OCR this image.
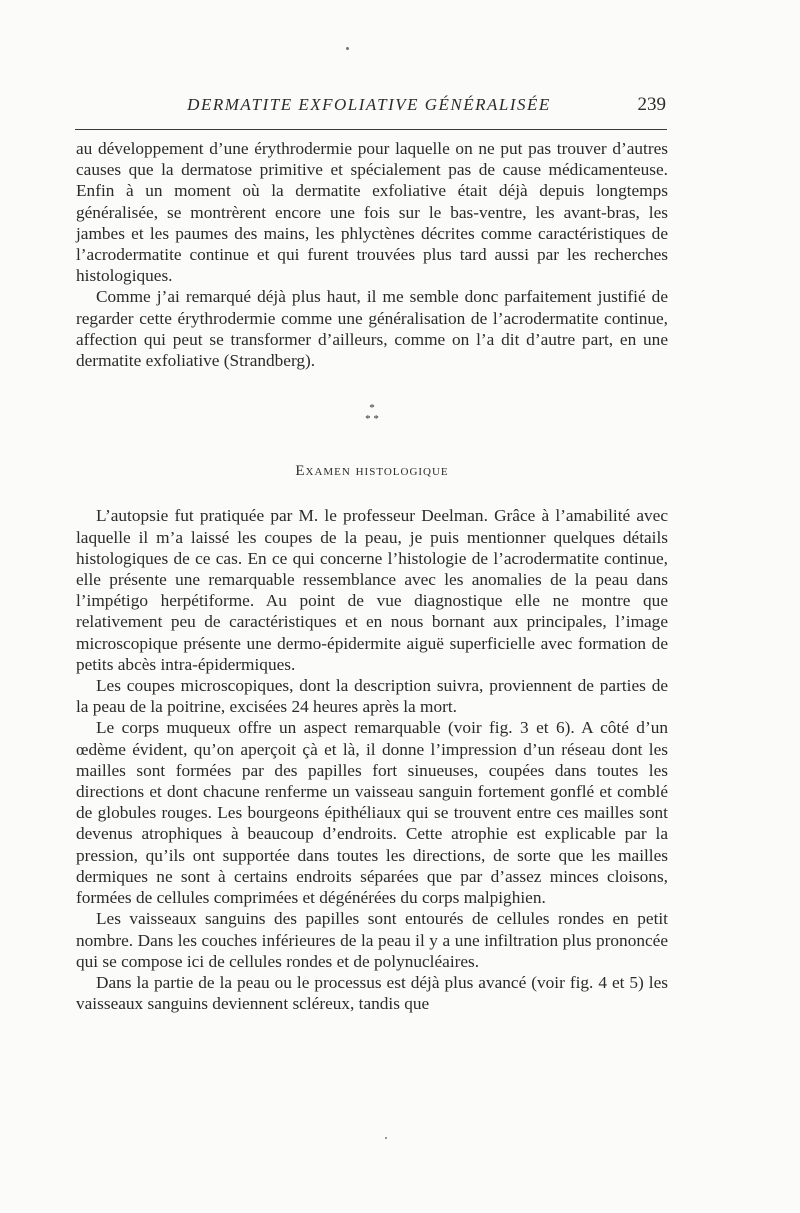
DERMATITE EXFOLIATIVE GÉNÉRALISÉE	239

au développement d’une érythrodermie pour laquelle on ne put pas trouver d’autres causes que la dermatose primitive et spécialement pas de cause médicamenteuse. Enfin à un moment où la dermatite exfoliative était déjà depuis longtemps généralisée, se montrèrent encore une fois sur le bas-ventre, les avant-bras, les jambes et les paumes des mains, les phlyctènes décrites comme caractéristiques de l’acrodermatite continue et qui furent trouvées plus tard aussi par les recherches histologiques.

Comme j’ai remarqué déjà plus haut, il me semble donc parfaitement justifié de regarder cette érythrodermie comme une généralisation de l’acrodermatite continue, affection qui peut se transformer d’ailleurs, comme on l’a dit d’autre part, en une dermatite exfoliative (Strandberg).

*
* *
Examen histologique

L’autopsie fut pratiquée par M. le professeur Deelman. Grâce à l’amabilité avec laquelle il m’a laissé les coupes de la peau, je puis mentionner quelques détails histologiques de ce cas. En ce qui concerne l’histologie de l’acrodermatite continue, elle présente une remarquable ressemblance avec les anomalies de la peau dans l’impétigo herpétiforme. Au point de vue diagnostique elle ne montre que relativement peu de caractéristiques et en nous bornant aux principales, l’image microscopique présente une dermo-épidermite aiguë superficielle avec formation de petits abcès intra-épidermiques.

Les coupes microscopiques, dont la description suivra, proviennent de parties de la peau de la poitrine, excisées 24 heures après la mort.

Le corps muqueux offre un aspect remarquable (voir fig. 3 et 6). A côté d’un œdème évident, qu’on aperçoit çà et là, il donne l’impression d’un réseau dont les mailles sont formées par des papilles fort sinueuses, coupées dans toutes les directions et dont chacune renferme un vaisseau sanguin fortement gonflé et comblé de globules rouges. Les bourgeons épithéliaux qui se trouvent entre ces mailles sont devenus atrophiques à beaucoup d’endroits. Cette atrophie est explicable par la pression, qu’ils ont supportée dans toutes les directions, de sorte que les mailles dermiques ne sont à certains endroits séparées que par d’assez minces cloisons, formées de cellules comprimées et dégénérées du corps malpighien.

Les vaisseaux sanguins des papilles sont entourés de cellules rondes en petit nombre. Dans les couches inférieures de la peau il y a une infiltration plus prononcée qui se compose ici de cellules rondes et de polynucléaires.

Dans la partie de la peau ou le processus est déjà plus avancé (voir fig. 4 et 5) les vaisseaux sanguins deviennent scléreux, tandis que
